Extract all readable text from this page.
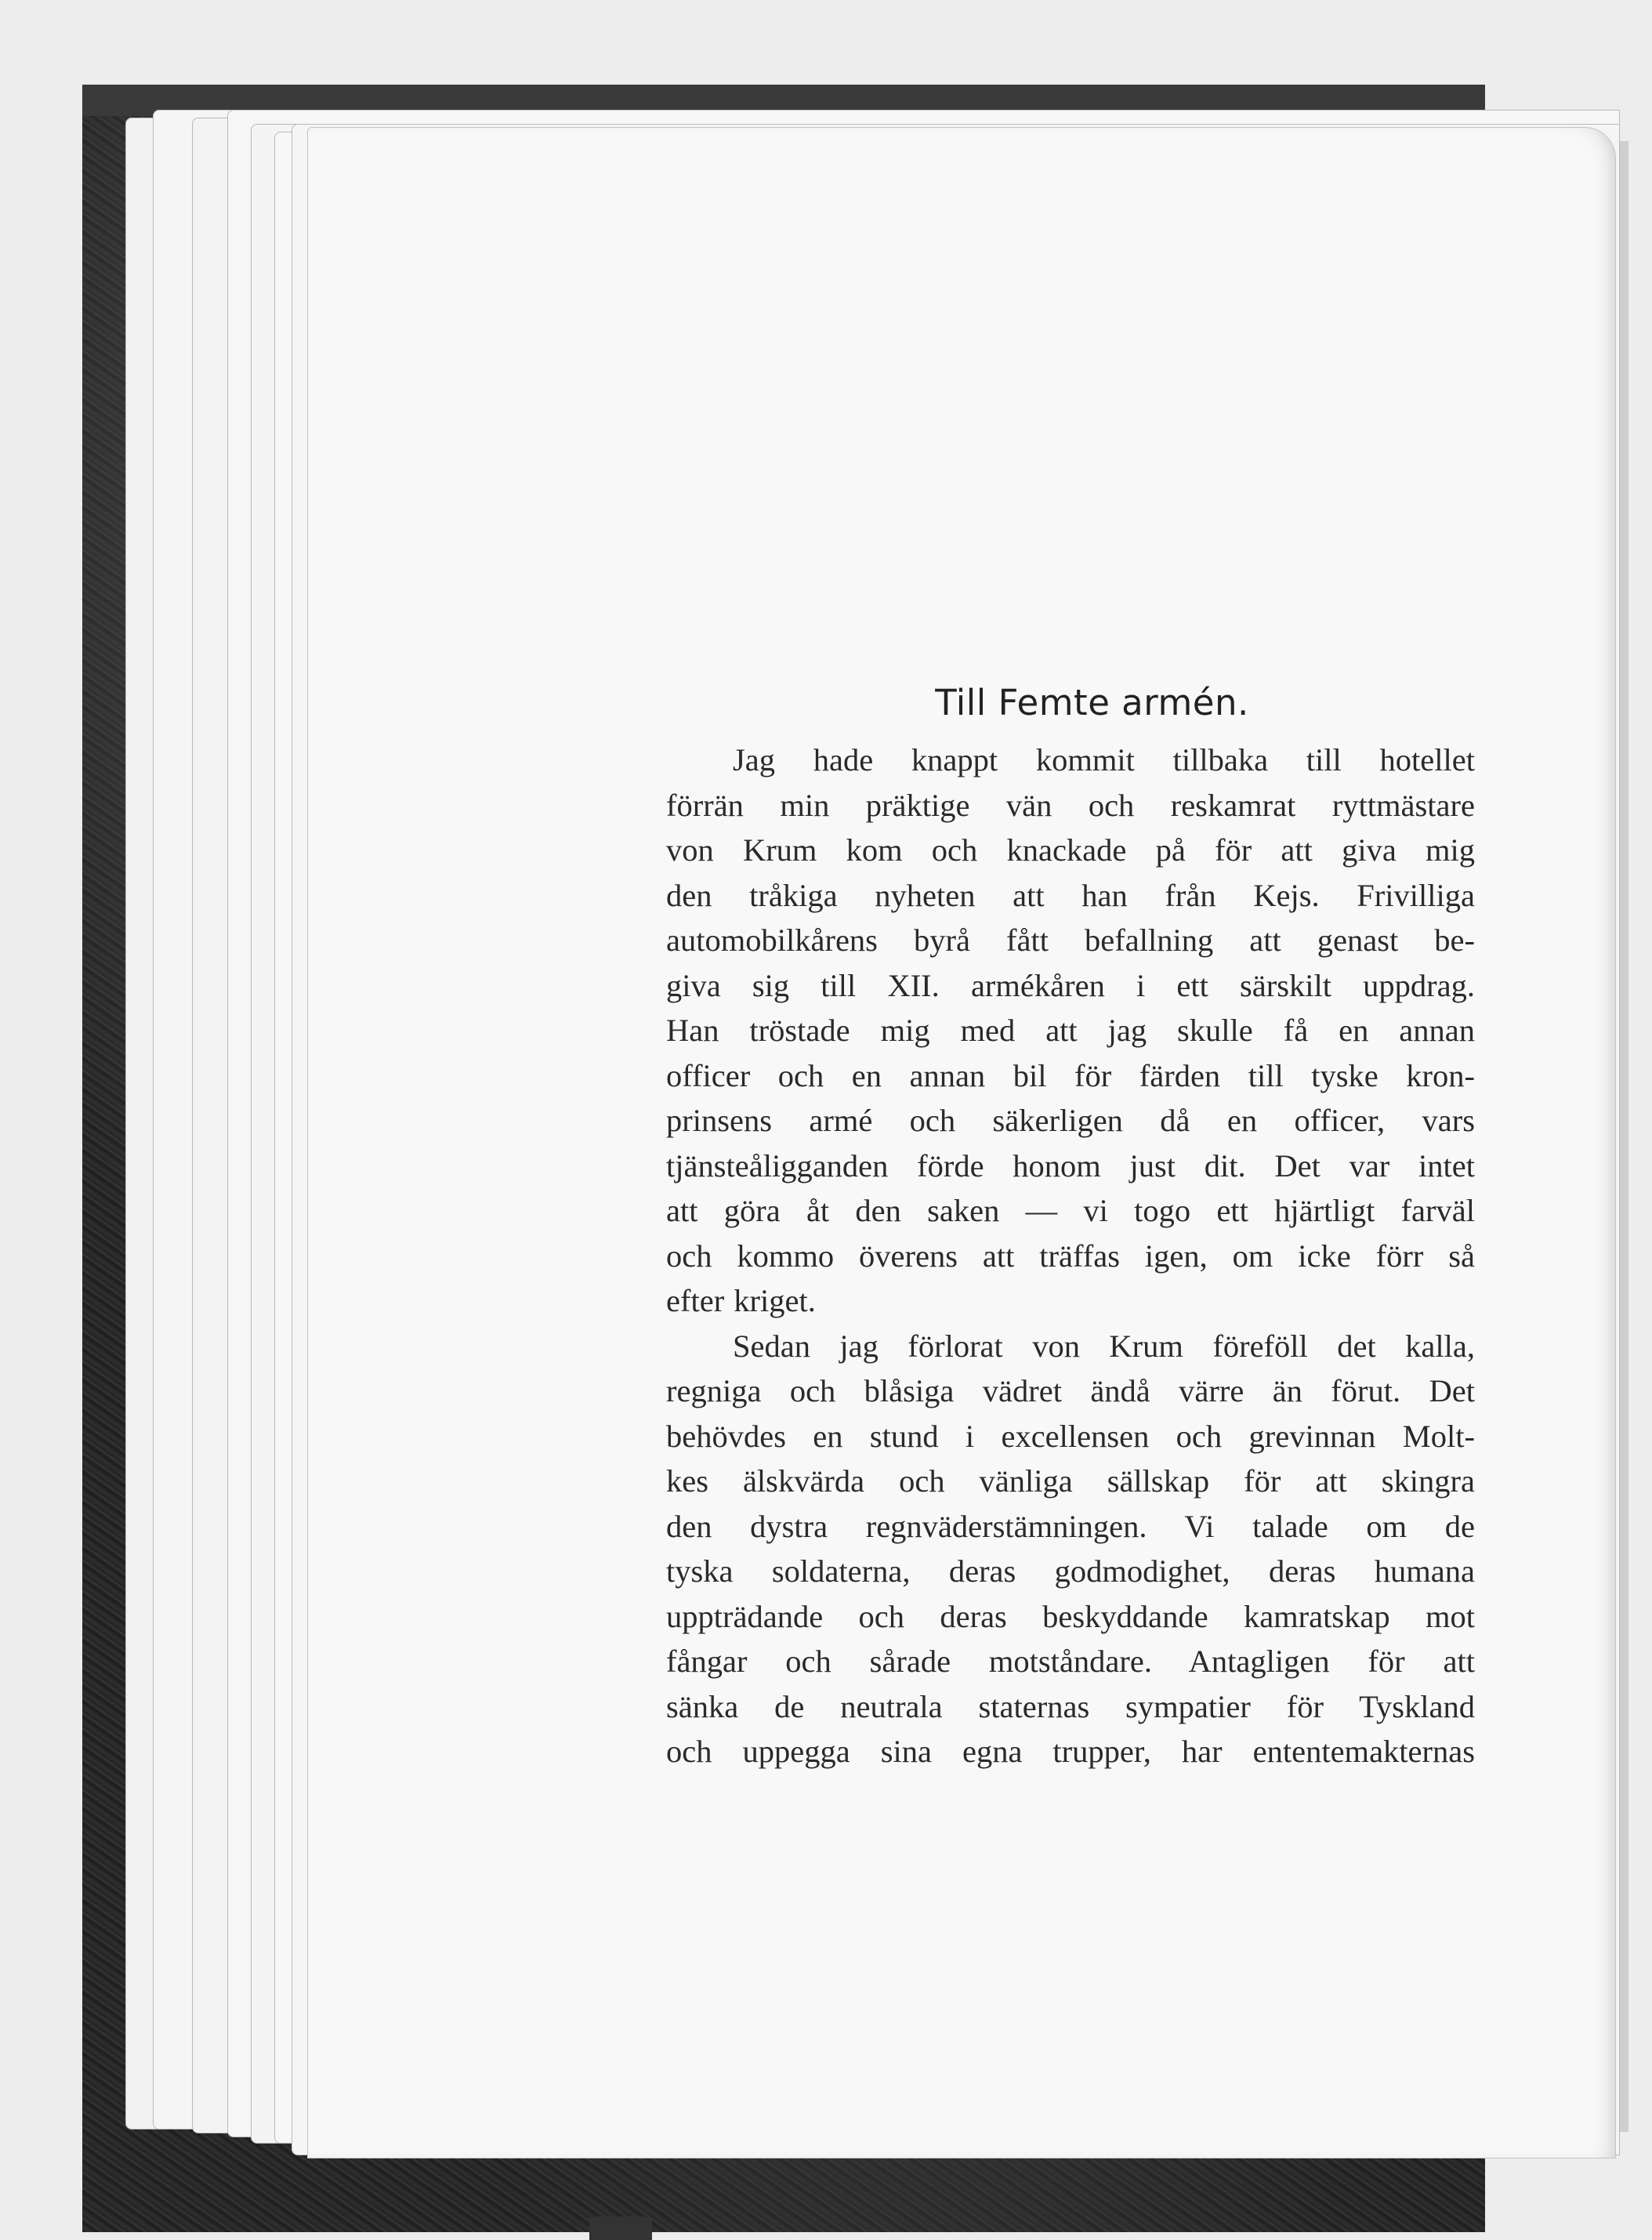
Till Femte armén.

Jag hade knappt kommit tillbaka till hotellet
förrän min präktige vän och reskamrat ryttmästare
von Krum kom och knackade på för att giva mig
den tråkiga nyheten att han från Kejs. Frivilliga
automobilkårens byrå fått befallning att genast be-
giva sig till XII. armékåren i ett särskilt uppdrag.
Han tröstade mig med att jag skulle få en annan
officer och en annan bil för färden till tyske kron-
prinsens armé och säkerligen då en officer, vars
tjänsteåligganden förde honom just dit. Det var intet
att göra åt den saken — vi togo ett hjärtligt farväl
och kommo överens att träffas igen, om icke förr så
efter kriget.

Sedan jag förlorat von Krum föreföll det kalla,
regniga och blåsiga vädret ändå värre än förut. Det
behövdes en stund i excellensen och grevinnan Molt-
kes älskvärda och vänliga sällskap för att skingra
den dystra regnväderstämningen. Vi talade om de
tyska soldaterna, deras godmodighet, deras humana
uppträdande och deras beskyddande kamratskap mot
fångar och sårade motståndare. Antagligen för att
sänka de neutrala staternas sympatier för Tyskland
och uppegga sina egna trupper, har ententemakternas
